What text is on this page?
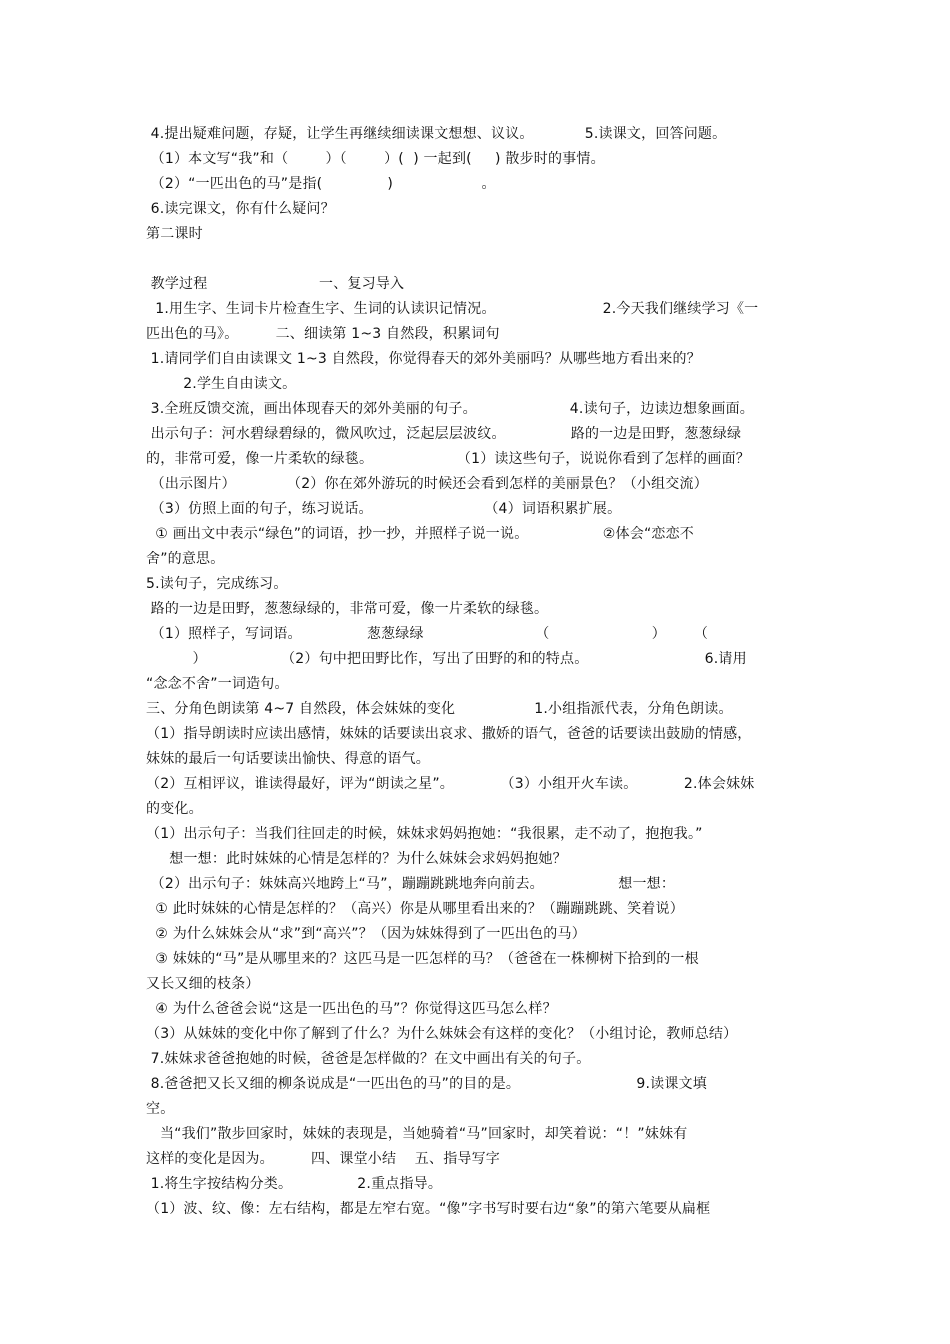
4.提出疑难问题，存疑，让学生再继续细读课文想想、议议。           5.读课文，回答问题。
（1）本文写“我”和（        ）（        ）(  ) 一起到(     ) 散步时的事情。
（2）“一匹出色的马”是指(              )                   。
6.读完课文，你有什么疑问？
第二课时
教学过程                        一、复习导入
1.用生字、生词卡片检查生字、生词的认读识记情况。                       2.今天我们继续学习《一
匹出色的马》。        二、细读第 1~3 自然段，积累词句
1.请同学们自由读课文 1~3 自然段，你觉得春天的郊外美丽吗？从哪些地方看出来的？
2.学生自由读文。
3.全班反馈交流，画出体现春天的郊外美丽的句子。                    4.读句子，边读边想象画面。
出示句子：河水碧绿碧绿的，微风吹过，泛起层层波纹。              路的一边是田野，葱葱绿绿
的，非常可爱，像一片柔软的绿毯。                  （1）读这些句子，说说你看到了怎样的画面？
（出示图片）           （2）你在郊外游玩的时候还会看到怎样的美丽景色？（小组交流）
（3）仿照上面的句子，练习说话。                        （4）词语积累扩展。
① 画出文中表示“绿色”的词语，抄一抄，并照样子说一说。                ②体会“恋恋不
舍”的意思。
5.读句子，完成练习。
路的一边是田野，葱葱绿绿的，非常可爱，像一片柔软的绿毯。
（1）照样子，写词语。              葱葱绿绿                        （                      ）      （
）                （2）句中把田野比作，写出了田野的和的特点。                         6.请用
“念念不舍”一词造句。
三、分角色朗读第 4~7 自然段，体会妹妹的变化                 1.小组指派代表，分角色朗读。
（1）指导朗读时应读出感情，妹妹的话要读出哀求、撒娇的语气，爸爸的话要读出鼓励的情感，
妹妹的最后一句话要读出愉快、得意的语气。
（2）互相评议，谁读得最好，评为“朗读之星”。          （3）小组开火车读。          2.体会妹妹
的变化。
（1）出示句子：当我们往回走的时候，妹妹求妈妈抱她：“我很累，走不动了，抱抱我。”
想一想：此时妹妹的心情是怎样的？为什么妹妹会求妈妈抱她？
（2）出示句子：妹妹高兴地跨上“马”，蹦蹦跳跳地奔向前去。                想一想：
① 此时妹妹的心情是怎样的？（高兴）你是从哪里看出来的？（蹦蹦跳跳、笑着说）
② 为什么妹妹会从“求”到“高兴”？（因为妹妹得到了一匹出色的马）
③ 妹妹的“马”是从哪里来的？这匹马是一匹怎样的马？（爸爸在一株柳树下拾到的一根
又长又细的枝条）
④ 为什么爸爸会说“这是一匹出色的马”？你觉得这匹马怎么样？
（3）从妹妹的变化中你了解到了什么？为什么妹妹会有这样的变化？（小组讨论，教师总结）
7.妹妹求爸爸抱她的时候，爸爸是怎样做的？在文中画出有关的句子。
8.爸爸把又长又细的柳条说成是“一匹出色的马”的目的是。                         9.读课文填
空。
当“我们”散步回家时，妹妹的表现是，当她骑着“马”回家时，却笑着说：“！”妹妹有
这样的变化是因为。        四、课堂小结    五、指导写字
1.将生字按结构分类。              2.重点指导。
（1）波、纹、像：左右结构，都是左窄右宽。“像”字书写时要右边“象”的第六笔要从扁框
